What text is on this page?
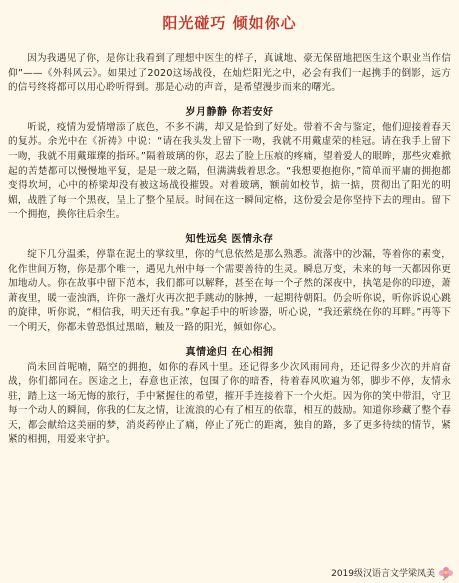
阳光碰巧 倾如你心

因为我遇见了你，是你让我看到了理想中医生的样子，真诚地、豪无保留地把医生这个职业当作信仰”——《外科风云》。如果过了2020这场战役，在灿烂阳光之中，必会有我们一起携手的倒影，远方的信号终将都可以用心聆听得到。那是心动的声音，是希望漫步而来的曙光。

岁月静静 你若安好

听说，疫情为爱情增添了底色，不多不满，却又是恰到了好处。带着不舍与鉴定，他们迎接着春天的复苏。余光中在《祈祷》中说：“请在我头发上留下一吻，我就不用戴虚荣的桂冠。请在我手上留下一吻，我就不用戴璀璨的指环。”隔着玻璃的你，忍去了脸上压痕的疼痛，望着爱人的眼眸，那些灾难掀起的苦楚都可以慢慢地平复，是是一玻之隔，但满满载着思念。“我想要抱抱你，”简单而平庸的拥抱都变得坎坷，心中的桥梁却没有被这场战役摧毁。对着玻璃，额前如校节，掂一掂，贯彻出了阳光的明媚，战胜了每一个黑夜，呈上了整个星辰。时间在这一瞬间定格，这份爱会是你坚持下去的理由。留下一个拥抱，换你往后余生。

知性远矣 医情永存

绽下几分温柔，停靠在泥土的掌纹里，你的气息依然是那么熟悉。流落中的沙漏，等着你的素变，化作世间万物，你是那个唯一，遇见九州中每一个需要善待的生灵。瞬息万变，未来的每一天都因你更加地动人。你在故事中留下范本，我们都可以解释，甚至在每一个孑然的深夜中，执笔是你的印迹，萧萧夜里，暖一壶浊酒，许你一盏灯火再次把手跳动的脉搏，一起期待朝阳。仍会听你说，听你诉说心跳的旋律，听你说，“相信我，明天还有我。”拿起手中的听诊器，听心说，“我还萦绕在你的耳畔。”再等下一个明天，你都未曾恐惧过黑暗，触及一路的阳光，倾如你心。

真情途归 在心相拥

尚未回首呢喃，隔空的拥抱，如你的春风十里。还记得多少次风雨同舟，还记得多少次的并肩奋战，你们都同在。医途之上，春意也正浓，包围了你的暗香，待着春风吹遍为邻，脚步不停，友情永驻，踏上这一场无悔的旅行，手中紧握住的希望，摧开手连接着下一个火炬。因为你的笑中带泪，守卫每一个动人的瞬间，你我的仁友之情，让流浪的心有了相互的依靠，相互的鼓励。知道你珍藏了整个春天，都会献给这美丽的梦，消炎药停止了痛，停止了死亡的距离，独自的路，多了更多待续的情节，紧紧的相拥，用爱来守护。

2019级汉语言文学梁凤美
